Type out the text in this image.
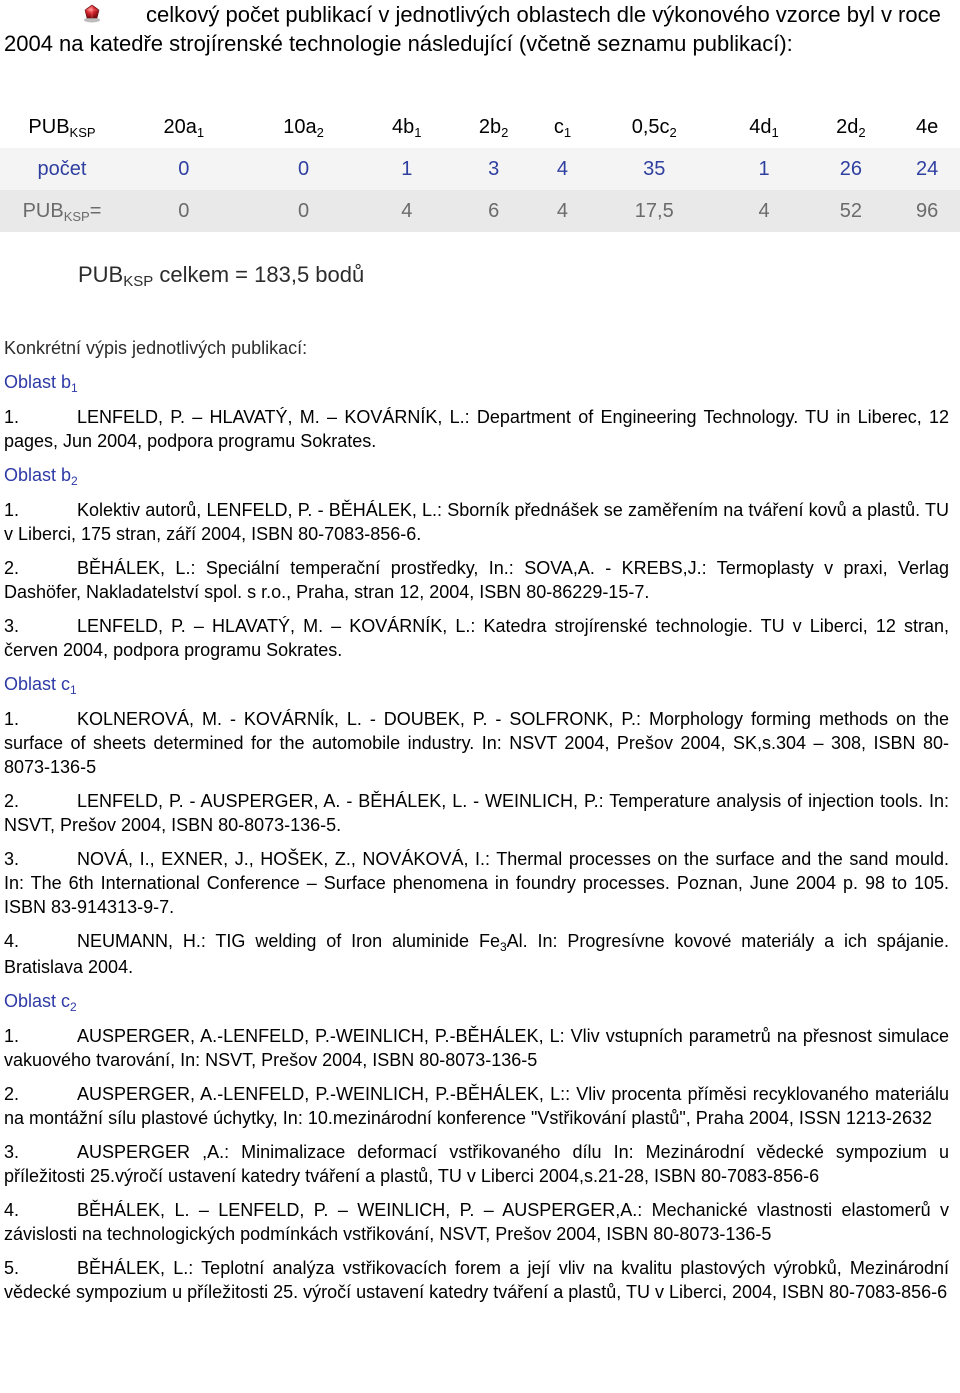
celkový počet publikací v jednotlivých oblastech dle výkonového vzorce byl v roce 2004 na katedře strojírenské technologie následující (včetně seznamu publikací):
$PUB_{KSP}$	$20a_1$	$10a_2$	$4b_1$	$2b_2$	$c_1$	$0,5c_2$	$4d_1$	$2d_2$	4e
počet	0	0	1	3	4	35	1	26	24
$PUB_{KSP}=$	0	0	4	6	4	17,5	4	52	96
PUBKSP celkem = 183,5 bodů

Konkrétní výpis jednotlivých publikací:

Oblast $b_1$

1.	LENFELD, P. – HLAVATÝ, M. – KOVÁRNÍK, L.: Department of Engineering Technology. TU in Liberec, 12 pages, Jun 2004, podpora programu Sokrates.

Oblast $b_2$

1.	Kolektiv autorů, LENFELD, P. - BĚHÁLEK, L.: Sborník přednášek se zaměřením na tváření kovů a plastů. TU v Liberci, 175 stran, září 2004, ISBN 80-7083-856-6.

2.	BĚHÁLEK, L.: Speciální temperační prostředky, In.: SOVA,A. - KREBS,J.: Termoplasty v praxi, Verlag Dashöfer, Nakladatelství spol. s r.o., Praha, stran 12, 2004, ISBN 80-86229-15-7.

3.	LENFELD, P. – HLAVATÝ, M. – KOVÁRNÍK, L.: Katedra strojírenské technologie. TU v Liberci, 12 stran, červen 2004, podpora programu Sokrates.

Oblast $c_1$

1.	KOLNEROVÁ, M. - KOVÁRNÍk, L. - DOUBEK, P. - SOLFRONK, P.: Morphology forming methods on the surface of sheets determined for the automobile industry. In: NSVT 2004, Prešov 2004, SK,s.304 – 308, ISBN 80-8073-136-5

2.	LENFELD, P. - AUSPERGER, A. - BĚHÁLEK, L. - WEINLICH, P.: Temperature analysis of injection tools. In: NSVT, Prešov 2004, ISBN 80-8073-136-5.

3.	NOVÁ, I., EXNER, J., HOŠEK, Z., NOVÁKOVÁ, I.: Thermal processes on the surface and the sand mould. In: The 6th International Conference – Surface phenomena in foundry processes. Poznan, June 2004 p. 98 to 105. ISBN 83-914313-9-7.

4.	NEUMANN, H.: TIG welding of Iron aluminide $Fe_3Al$. In: Progresívne kovové materiály a ich spájanie. Bratislava 2004.

Oblast $c_2$

1.	AUSPERGER, A.-LENFELD, P.-WEINLICH, P.-BĚHÁLEK, L: Vliv vstupních parametrů na přesnost simulace vakuového tvarování, In: NSVT, Prešov 2004, ISBN 80-8073-136-5

2.	AUSPERGER, A.-LENFELD, P.-WEINLICH, P.-BĚHÁLEK, L:: Vliv procenta příměsi recyklovaného materiálu na montážní sílu plastové úchytky, In: 10.mezinárodní konference "Vstřikování plastů", Praha 2004, ISSN 1213-2632

3.	AUSPERGER ,A.: Minimalizace deformací vstřikovaného dílu In: Mezinárodní vědecké sympozium u příležitosti 25.výročí ustavení katedry tváření a plastů, TU v Liberci 2004,s.21-28, ISBN 80-7083-856-6

4.	BĚHÁLEK, L. – LENFELD, P. – WEINLICH, P. – AUSPERGER,A.: Mechanické vlastnosti elastomerů v závislosti na technologických podmínkách vstřikování, NSVT, Prešov 2004, ISBN 80-8073-136-5

5.	BĚHÁLEK, L.: Teplotní analýza vstřikovacích forem a její vliv na kvalitu plastových výrobků, Mezinárodní vědecké sympozium u příležitosti 25. výročí ustavení katedry tváření a plastů, TU v Liberci, 2004, ISBN 80-7083-856-6
